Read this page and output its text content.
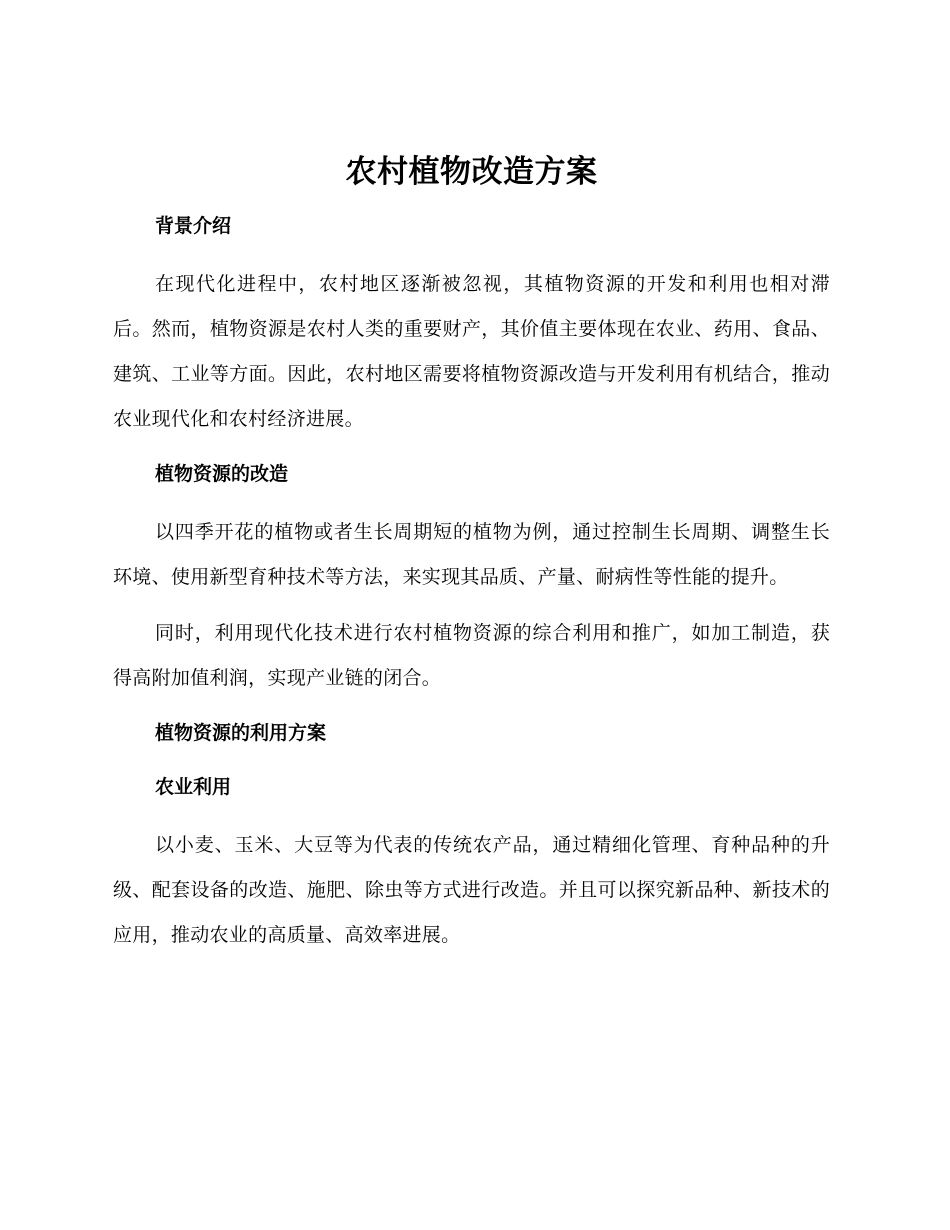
农村植物改造方案
背景介绍

在现代化进程中，农村地区逐渐被忽视，其植物资源的开发和利用也相对滞后。然而，植物资源是农村人类的重要财产，其价值主要体现在农业、药用、食品、建筑、工业等方面。因此，农村地区需要将植物资源改造与开发利用有机结合，推动农业现代化和农村经济进展。

植物资源的改造

以四季开花的植物或者生长周期短的植物为例，通过控制生长周期、调整生长环境、使用新型育种技术等方法，来实现其品质、产量、耐病性等性能的提升。

同时，利用现代化技术进行农村植物资源的综合利用和推广，如加工制造，获得高附加值利润，实现产业链的闭合。

植物资源的利用方案
农业利用

以小麦、玉米、大豆等为代表的传统农产品，通过精细化管理、育种品种的升级、配套设备的改造、施肥、除虫等方式进行改造。并且可以探究新品种、新技术的应用，推动农业的高质量、高效率进展。
